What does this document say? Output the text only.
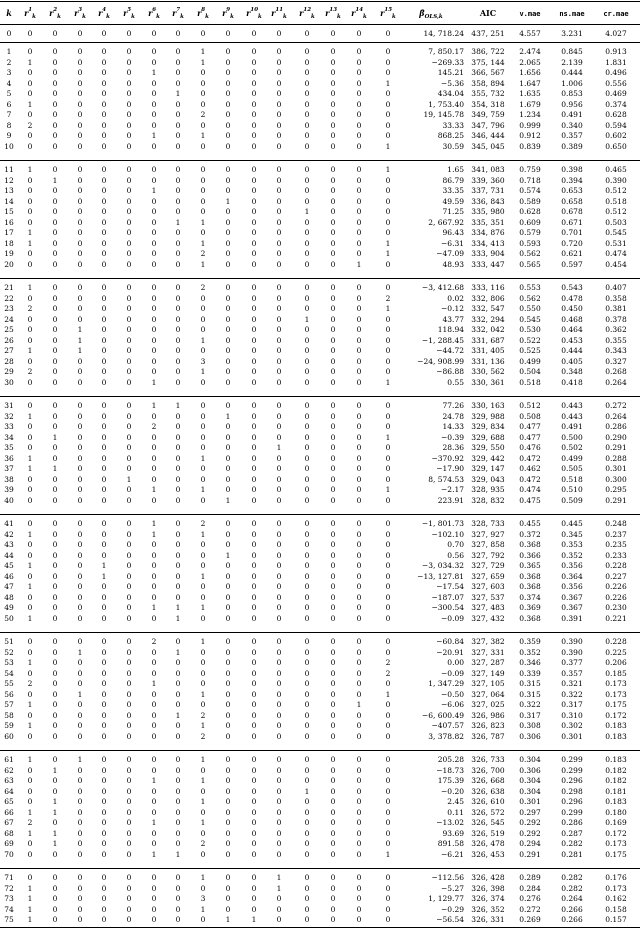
k	$r^1_k$	$r^2_k$	$r^3_k$	$r^4_k$	$r^5_k$	$r^6_k$	$r^7_k$	$r^8_k$	$r^9_k$	$r^{10}_k$	$r^{11}_k$	$r^{12}_k$	$r^{13}_k$	$r^{14}_k$	$r^{15}_k$	$\betâ_{OLS,k}$	AIC	v.mae	ns.mae	cr.mae
0	0	0	0	0	0	0	0	0	0	0	0	0	0	0	0	14, 718.24 437, 251	4.557	3.231	4.027
1	0	0	0	0	0	0	0	1	0	0	0	0	0	0	0	7, 850.17 386, 722	2.474	0.845	0.913
2	1	0	0	0	0	0	0	1	0	0	0	0	0	0	0	−269.33 375, 144	2.065	2.139	1.831
3	0	0	0	0	0	1	0	0	0	0	0	0	0	0	0	145.21 366, 567	1.656	0.444	0.496
4	0	0	0	0	0	0	0	0	0	0	0	0	0	0	1	−5.36 358, 894	1.647	1.006	0.556
5	0	0	0	0	0	0	1	0	0	0	0	0	0	0	0	434.04 355, 732	1.635	0.853	0.469
6	1	0	0	0	0	0	0	0	0	0	0	0	0	0	0	1, 753.40 354, 318	1.679	0.956	0.374
7	0	0	0	0	0	0	0	2	0	0	0	0	0	0	0	19, 145.78 349, 759	1.234	0.491	0.628
8	2	0	0	0	0	0	0	0	0	0	0	0	0	0	0	33.33 347, 796	0.999	0.340	0.594
9	0	0	0	0	0	1	0	1	0	0	0	0	0	0	0	868.25 346, 444	0.912	0.357	0.602
10	0	0	0	0	0	0	0	0	0	0	0	0	0	0	1	30.59 345, 045	0.839	0.389	0.650
11	1	0	0	0	0	0	0	0	0	0	0	0	0	0	1	1.65 341, 083	0.759	0.398	0.465
12	0	1	0	0	0	0	0	0	0	0	0	0	0	0	0	86.79 339, 360	0.718	0.394	0.390
13	0	0	0	0	0	1	0	0	0	0	0	0	0	0	0	33.35 337, 731	0.574	0.653	0.512
14	0	0	0	0	0	0	0	0	1	0	0	0	0	0	0	49.59 336, 843	0.589	0.658	0.518
15	0	0	0	0	0	0	0	0	0	0	0	1	0	0	0	71.25 335, 980	0.628	0.678	0.512
16	0	0	0	0	0	0	1	1	0	0	0	0	0	0	0	2, 667.92 335, 351	0.609	0.671	0.503
17	1	0	0	0	0	0	0	0	0	0	0	0	0	0	0	96.43 334, 876	0.579	0.701	0.545
18	1	0	0	0	0	0	0	1	0	0	0	0	0	0	1	−6.31 334, 413	0.593	0.720	0.531
19	0	0	0	0	0	0	0	2	0	0	0	0	0	0	1	−47.09 333, 904	0.562	0.621	0.474
20	0	0	0	0	0	0	0	1	0	0	0	0	0	1	0	48.93 333, 447	0.565	0.597	0.454
21	1	0	0	0	0	0	0	2	0	0	0	0	0	0	0	−3, 412.68 333, 116	0.553	0.543	0.407
22	0	0	0	0	0	0	0	0	0	0	0	0	0	0	2	0.02 332, 806	0.562	0.478	0.358
23	2	0	0	0	0	0	0	0	0	0	0	0	0	0	1	−0.12 332, 547	0.550	0.450	0.381
24	0	0	0	0	0	0	0	0	0	0	0	1	0	0	0	43.77 332, 294	0.545	0.468	0.378
25	0	0	1	0	0	0	0	0	0	0	0	0	0	0	0	118.94 332, 042	0.530	0.464	0.362
26	0	0	1	0	0	0	0	1	0	0	0	0	0	0	0	−1, 288.45 331, 687	0.522	0.453	0.355
27	1	0	1	0	0	0	0	0	0	0	0	0	0	0	0	−44.72 331, 405	0.525	0.444	0.343
28	0	0	0	0	0	0	0	3	0	0	0	0	0	0	0	−24, 908.99 331, 136	0.499	0.405	0.327
29	2	0	0	0	0	0	0	1	0	0	0	0	0	0	0	−86.88 330, 562	0.504	0.348	0.268
30	0	0	0	0	0	1	0	0	0	0	0	0	0	0	1	0.55 330, 361	0.518	0.418	0.264
31	0	0	0	0	0	1	1	0	0	0	0	0	0	0	0	77.26 330, 163	0.512	0.443	0.272
32	1	0	0	0	0	0	0	0	1	0	0	0	0	0	0	24.78 329, 988	0.508	0.443	0.264
33	0	0	0	0	0	2	0	0	0	0	0	0	0	0	0	14.33 329, 834	0.477	0.491	0.286
34	0	1	0	0	0	0	0	0	0	0	0	0	0	0	1	−0.39 329, 688	0.477	0.500	0.290
35	0	0	0	0	0	0	0	0	0	0	1	0	0	0	0	28.36 329, 550	0.476	0.502	0.291
36	1	0	0	0	0	0	0	1	0	0	0	0	0	0	0	−370.92 329, 442	0.472	0.499	0.288
37	1	1	0	0	0	0	0	0	0	0	0	0	0	0	0	−17.90 329, 147	0.462	0.505	0.301
38	0	0	0	0	1	0	0	0	0	0	0	0	0	0	0	8, 574.53 329, 043	0.472	0.518	0.300
39	0	0	0	0	0	1	0	1	0	0	0	0	0	0	1	−2.17 328, 935	0.474	0.510	0.295
40	0	0	0	0	0	0	0	0	1	0	0	0	0	0	0	223.91 328, 832	0.475	0.509	0.291
41	0	0	0	0	0	1	0	2	0	0	0	0	0	0	0	−1, 801.73 328, 733	0.455	0.445	0.248
42	1	0	0	0	0	1	0	1	0	0	0	0	0	0	0	−102.10 327, 927	0.372	0.345	0.237
43	0	0	0	0	0	0	0	0	0	0	0	0	0	0	0	0.70 327, 858	0.368	0.353	0.235
44	0	0	0	0	0	0	0	0	1	0	0	0	0	0	0	0.56 327, 792	0.366	0.352	0.233
45	1	0	0	1	0	0	0	0	0	0	0	0	0	0	0	−3, 034.32 327, 729	0.365	0.356	0.228
46	0	0	0	1	0	0	0	1	0	0	0	0	0	0	0	−13, 127.81 327, 659	0.368	0.364	0.227
47	1	0	0	0	0	0	0	0	0	0	0	0	0	0	0	−17.54 327, 603	0.368	0.356	0.226
48	0	0	0	0	0	0	0	0	0	0	0	0	0	0	0	−187.07 327, 537	0.374	0.367	0.226
49	0	0	0	0	0	1	1	1	0	0	0	0	0	0	0	−300.54 327, 483	0.369	0.367	0.230
50	1	0	0	0	0	0	1	0	0	0	0	0	0	0	0	−0.09 327, 432	0.368	0.391	0.221
51	0	0	0	0	0	2	0	1	0	0	0	0	0	0	0	−60.84 327, 382	0.359	0.390	0.228
52	0	0	1	0	0	0	1	0	0	0	0	0	0	0	0	−20.91 327, 331	0.352	0.390	0.225
53	1	0	0	0	0	0	0	0	0	0	0	0	0	0	2	0.00 327, 287	0.346	0.377	0.206
54	0	0	0	0	0	0	0	0	0	0	0	0	0	0	2	−0.09 327, 149	0.339	0.357	0.185
55	2	0	0	0	0	1	0	0	0	0	0	0	0	0	0	1, 347.29 327, 105	0.315	0.321	0.173
56	0	0	1	0	0	0	0	1	0	0	0	0	0	0	1	−0.50 327, 064	0.315	0.322	0.173
57	1	0	0	0	0	0	0	0	0	0	0	0	0	1	0	−6.06 327, 025	0.322	0.317	0.175
58	0	0	0	0	0	0	1	2	0	0	0	0	0	0	0	−6, 600.49 326, 986	0.317	0.310	0.172
59	1	0	0	0	0	0	0	1	0	0	0	0	0	0	0	−407.57 326, 823	0.308	0.302	0.183
60	0	0	0	0	0	0	0	2	0	0	0	0	0	0	0	3, 378.82 326, 787	0.306	0.301	0.183
61	1	0	1	0	0	0	0	1	0	0	0	0	0	0	0	205.28 326, 733	0.304	0.299	0.183
62	0	1	0	0	0	0	0	0	0	0	0	0	0	0	0	−18.73 326, 700	0.306	0.299	0.182
63	0	0	0	0	0	1	0	1	0	0	0	0	0	0	0	175.39 326, 668	0.304	0.296	0.182
64	0	0	0	0	0	0	0	0	0	0	0	1	0	0	0	−0.20 326, 638	0.304	0.298	0.181
65	0	1	0	0	0	0	0	1	0	0	0	0	0	0	0	2.45 326, 610	0.301	0.296	0.183
66	1	1	0	0	0	0	0	0	0	0	0	0	0	0	0	0.11 326, 572	0.297	0.299	0.180
67	2	0	0	0	0	1	0	1	0	0	0	0	0	0	0	−13.02 326, 545	0.292	0.286	0.169
68	1	1	0	0	0	0	0	0	0	0	0	0	0	0	0	93.69 326, 519	0.292	0.287	0.172
69	0	1	0	0	0	0	0	2	0	0	0	0	0	0	0	891.58 326, 478	0.294	0.282	0.173
70	0	0	0	0	0	1	1	0	0	0	0	0	0	0	1	−6.21 326, 453	0.291	0.281	0.175
71	0	0	0	0	0	0	0	1	0	0	1	0	0	0	0	−112.56 326, 428	0.289	0.282	0.176
72	1	0	0	0	0	0	0	0	0	0	1	0	0	0	0	−5.27 326, 398	0.284	0.282	0.173
73	1	0	0	0	0	0	0	3	0	0	0	0	0	0	0	1, 129.77 326, 374	0.276	0.264	0.162
74	1	0	0	0	0	0	0	1	0	0	0	0	0	0	0	−0.29 326, 352	0.272	0.266	0.158
75	1	0	0	0	0	0	0	0	1	1	0	0	0	0	0	−56.54 326, 331	0.269	0.266	0.157
